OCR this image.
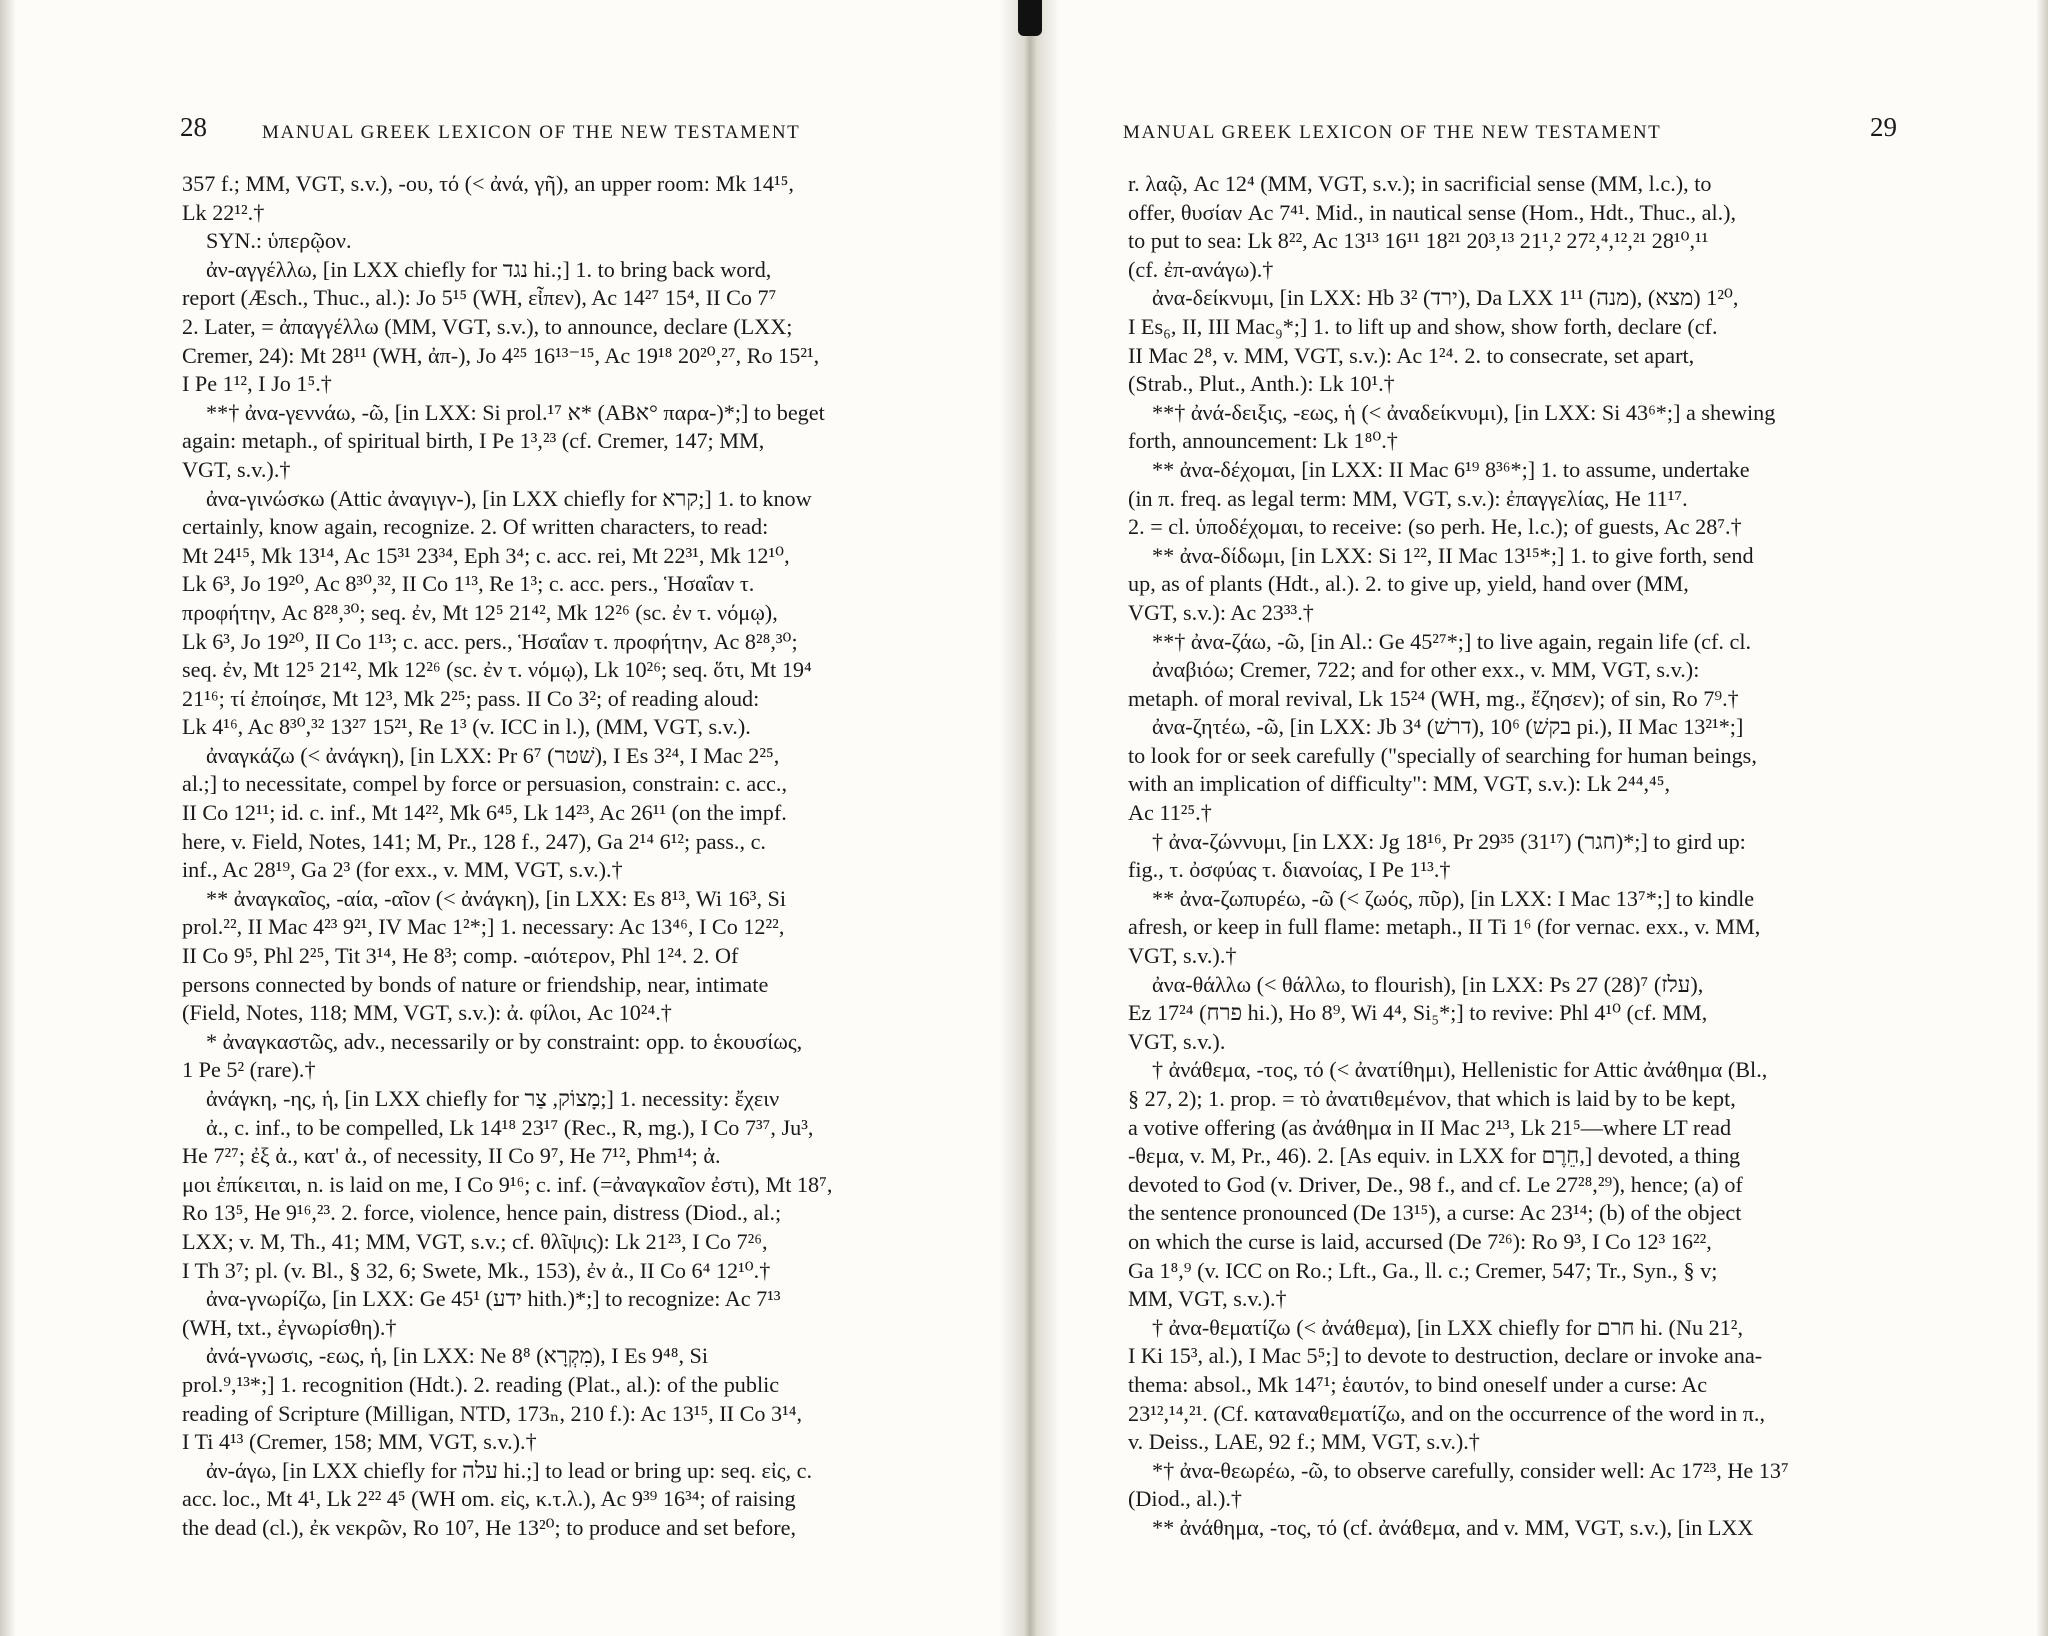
28	MANUAL GREEK LEXICON OF THE NEW TESTAMENT
357 f.; MM, VGT, s.v.), -ου, τό (< ἀνά, γῆ), an upper room: Mk 14¹⁵,
Lk 22¹².†
SYN.: ὑπερῷον.
ἀν-αγγέλλω, [in LXX chiefly for נגד hi.;] 1. to bring back word,
report (Æsch., Thuc., al.): Jo 5¹⁵ (WH, εἶπεν), Ac 14²⁷ 15⁴, II Co 7⁷
2. Later, = ἀπαγγέλλω (MM, VGT, s.v.), to announce, declare (LXX;
Cremer, 24): Mt 28¹¹ (WH, ἀπ-), Jo 4²⁵ 16¹³⁻¹⁵, Ac 19¹⁸ 20²⁰,²⁷, Ro 15²¹,
I Pe 1¹², I Jo 1⁵.†
**† ἀνα-γεννάω, -ῶ, [in LXX: Si prol.¹⁷ א* (ABא° παρα-)*;] to beget
again: metaph., of spiritual birth, I Pe 1³,²³ (cf. Cremer, 147; MM,
VGT, s.v.).†
ἀνα-γινώσκω (Attic ἀναγιγν-), [in LXX chiefly for קרא;] 1. to know
certainly, know again, recognize. 2. Of written characters, to read:
Mt 24¹⁵, Mk 13¹⁴, Ac 15³¹ 23³⁴, Eph 3⁴; c. acc. rei, Mt 22³¹, Mk 12¹⁰,
Lk 6³, Jo 19²⁰, Ac 8³⁰,³², II Co 1¹³, Re 1³; c. acc. pers., Ἡσαΐαν τ.
προφήτην, Ac 8²⁸,³⁰; seq. ἐν, Mt 12⁵ 21⁴², Mk 12²⁶ (sc. ἐν τ. νόμῳ),
Lk 6³, Jo 19²⁰, II Co 1¹³; c. acc. pers., Ἡσαΐαν τ. προφήτην, Ac 8²⁸,³⁰;
seq. ἐν, Mt 12⁵ 21⁴², Mk 12²⁶ (sc. ἐν τ. νόμῳ), Lk 10²⁶; seq. ὅτι, Mt 19⁴
21¹⁶; τί ἐποίησε, Mt 12³, Mk 2²⁵; pass. II Co 3²; of reading aloud:
Lk 4¹⁶, Ac 8³⁰,³² 13²⁷ 15²¹, Re 1³ (v. ICC in l.), (MM, VGT, s.v.).
ἀναγκάζω (< ἀνάγκη), [in LXX: Pr 6⁷ (שׁטר), I Es 3²⁴, I Mac 2²⁵,
al.;] to necessitate, compel by force or persuasion, constrain: c. acc.,
II Co 12¹¹; id. c. inf., Mt 14²², Mk 6⁴⁵, Lk 14²³, Ac 26¹¹ (on the impf.
here, v. Field, Notes, 141; M, Pr., 128 f., 247), Ga 2¹⁴ 6¹²; pass., c.
inf., Ac 28¹⁹, Ga 2³ (for exx., v. MM, VGT, s.v.).†
** ἀναγκαῖος, -αία, -αῖον (< ἀνάγκη), [in LXX: Es 8¹³, Wi 16³, Si
prol.²², II Mac 4²³ 9²¹, IV Mac 1²*;] 1. necessary: Ac 13⁴⁶, I Co 12²²,
II Co 9⁵, Phl 2²⁵, Tit 3¹⁴, He 8³; comp. -αιότερον, Phl 1²⁴. 2. Of
persons connected by bonds of nature or friendship, near, intimate
(Field, Notes, 118; MM, VGT, s.v.): ἀ. φίλοι, Ac 10²⁴.†
* ἀναγκαστῶς, adv., necessarily or by constraint: opp. to ἑκουσίως,
1 Pe 5² (rare).†
ἀνάγκη, -ης, ἡ, [in LXX chiefly for מָצוֹק, צַר;] 1. necessity: ἔχειν
ἀ., c. inf., to be compelled, Lk 14¹⁸ 23¹⁷ (Rec., R, mg.), I Co 7³⁷, Ju³,
He 7²⁷; ἐξ ἀ., κατ' ἀ., of necessity, II Co 9⁷, He 7¹², Phm¹⁴; ἀ.
μοι ἐπίκειται, n. is laid on me, I Co 9¹⁶; c. inf. (=ἀναγκαῖον ἐστι), Mt 18⁷,
Ro 13⁵, He 9¹⁶,²³. 2. force, violence, hence pain, distress (Diod., al.;
LXX; v. M, Th., 41; MM, VGT, s.v.; cf. θλῖψις): Lk 21²³, I Co 7²⁶,
I Th 3⁷; pl. (v. Bl., § 32, 6; Swete, Mk., 153), ἐν ἀ., II Co 6⁴ 12¹⁰.†
ἀνα-γνωρίζω, [in LXX: Ge 45¹ (ידע hith.)*;] to recognize: Ac 7¹³
(WH, txt., ἐγνωρίσθη).†
ἀνά-γνωσις, -εως, ἡ, [in LXX: Ne 8⁸ (מִקְרָא), I Es 9⁴⁸, Si
prol.⁹,¹³*;] 1. recognition (Hdt.). 2. reading (Plat., al.): of the public
reading of Scripture (Milligan, NTD, 173ₙ, 210 f.): Ac 13¹⁵, II Co 3¹⁴,
I Ti 4¹³ (Cremer, 158; MM, VGT, s.v.).†
ἀν-άγω, [in LXX chiefly for עלה hi.;] to lead or bring up: seq. εἰς, c.
acc. loc., Mt 4¹, Lk 2²² 4⁵ (WH om. εἰς, κ.τ.λ.), Ac 9³⁹ 16³⁴; of raising
the dead (cl.), ἐκ νεκρῶν, Ro 10⁷, He 13²⁰; to produce and set before,
MANUAL GREEK LEXICON OF THE NEW TESTAMENT	29
r. λαῷ, Ac 12⁴ (MM, VGT, s.v.); in sacrificial sense (MM, l.c.), to
offer, θυσίαν Ac 7⁴¹. Mid., in nautical sense (Hom., Hdt., Thuc., al.),
to put to sea: Lk 8²², Ac 13¹³ 16¹¹ 18²¹ 20³,¹³ 21¹,² 27²,⁴,¹²,²¹ 28¹⁰,¹¹
(cf. ἐπ-ανάγω).†
ἀνα-δείκνυμι, [in LXX: Hb 3² (ירד), Da LXX 1¹¹ (מנה), 1²⁰ (מצא),
I Es₆, II, III Mac₉*;] 1. to lift up and show, show forth, declare (cf.
II Mac 2⁸, v. MM, VGT, s.v.): Ac 1²⁴. 2. to consecrate, set apart,
(Strab., Plut., Anth.): Lk 10¹.†
**† ἀνά-δειξις, -εως, ἡ (< ἀναδείκνυμι), [in LXX: Si 43⁶*;] a shewing
forth, announcement: Lk 1⁸⁰.†
** ἀνα-δέχομαι, [in LXX: II Mac 6¹⁹ 8³⁶*;] 1. to assume, undertake
(in π. freq. as legal term: MM, VGT, s.v.): ἐπαγγελίας, He 11¹⁷.
2. = cl. ὑποδέχομαι, to receive: (so perh. He, l.c.); of guests, Ac 28⁷.†
** ἀνα-δίδωμι, [in LXX: Si 1²², II Mac 13¹⁵*;] 1. to give forth, send
up, as of plants (Hdt., al.). 2. to give up, yield, hand over (MM,
VGT, s.v.): Ac 23³³.†
**† ἀνα-ζάω, -ῶ, [in Al.: Ge 45²⁷*;] to live again, regain life (cf. cl.
ἀναβιόω; Cremer, 722; and for other exx., v. MM, VGT, s.v.):
metaph. of moral revival, Lk 15²⁴ (WH, mg., ἔζησεν); of sin, Ro 7⁹.†
ἀνα-ζητέω, -ῶ, [in LXX: Jb 3⁴ (דרשׁ), 10⁶ (בקשׁ pi.), II Mac 13²¹*;]
to look for or seek carefully ("specially of searching for human beings,
with an implication of difficulty": MM, VGT, s.v.): Lk 2⁴⁴,⁴⁵,
Ac 11²⁵.†
† ἀνα-ζώννυμι, [in LXX: Jg 18¹⁶, Pr 29³⁵ (31¹⁷) (חגר)*;] to gird up:
fig., τ. ὀσφύας τ. διανοίας, I Pe 1¹³.†
** ἀνα-ζωπυρέω, -ῶ (< ζωός, πῦρ), [in LXX: I Mac 13⁷*;] to kindle
afresh, or keep in full flame: metaph., II Ti 1⁶ (for vernac. exx., v. MM,
VGT, s.v.).†
ἀνα-θάλλω (< θάλλω, to flourish), [in LXX: Ps 27 (28)⁷ (עלז),
Ez 17²⁴ (פרח hi.), Ho 8⁹, Wi 4⁴, Si₅*;] to revive: Phl 4¹⁰ (cf. MM,
VGT, s.v.).
† ἀνάθεμα, -τος, τό (< ἀνατίθημι), Hellenistic for Attic ἀνάθημα (Bl.,
§ 27, 2); 1. prop. = τὸ ἀνατιθεμένον, that which is laid by to be kept,
a votive offering (as ἀνάθημα in II Mac 2¹³, Lk 21⁵—where LT read
-θεμα, v. M, Pr., 46). 2. [As equiv. in LXX for חֵרֶם,] devoted, a thing
devoted to God (v. Driver, De., 98 f., and cf. Le 27²⁸,²⁹), hence; (a) of
the sentence pronounced (De 13¹⁵), a curse: Ac 23¹⁴; (b) of the object
on which the curse is laid, accursed (De 7²⁶): Ro 9³, I Co 12³ 16²²,
Ga 1⁸,⁹ (v. ICC on Ro.; Lft., Ga., ll. c.; Cremer, 547; Tr., Syn., § v;
MM, VGT, s.v.).†
† ἀνα-θεματίζω (< ἀνάθεμα), [in LXX chiefly for חרם hi. (Nu 21²,
I Ki 15³, al.), I Mac 5⁵;] to devote to destruction, declare or invoke ana-
thema: absol., Mk 14⁷¹; ἑαυτόν, to bind oneself under a curse: Ac
23¹²,¹⁴,²¹. (Cf. καταναθεματίζω, and on the occurrence of the word in π.,
v. Deiss., LAE, 92 f.; MM, VGT, s.v.).†
*† ἀνα-θεωρέω, -ῶ, to observe carefully, consider well: Ac 17²³, He 13⁷
(Diod., al.).†
** ἀνάθημα, -τος, τό (cf. ἀνάθεμα, and v. MM, VGT, s.v.), [in LXX
